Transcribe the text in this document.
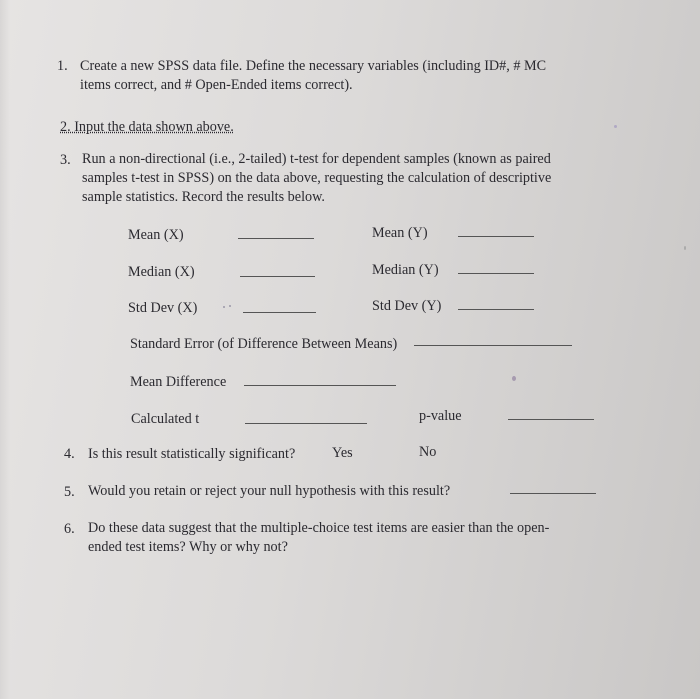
1. Create a new SPSS data file. Define the necessary variables (including ID#, # MC
items correct, and # Open-Ended items correct).
2. Input the data shown above.
3. Run a non-directional (i.e., 2-tailed) t-test for dependent samples (known as paired
samples t-test in SPSS) on the data above, requesting the calculation of descriptive
sample statistics. Record the results below.
Mean (X)	Mean (Y)
Median (X)	Median (Y)
Std Dev (X)	Std Dev (Y)
Standard Error (of Difference Between Means)
Mean Difference
Calculated t	p-value
4. Is this result statistically significant?	Yes	No
5. Would you retain or reject your null hypothesis with this result?
6. Do these data suggest that the multiple-choice test items are easier than the open-
ended test items? Why or why not?
